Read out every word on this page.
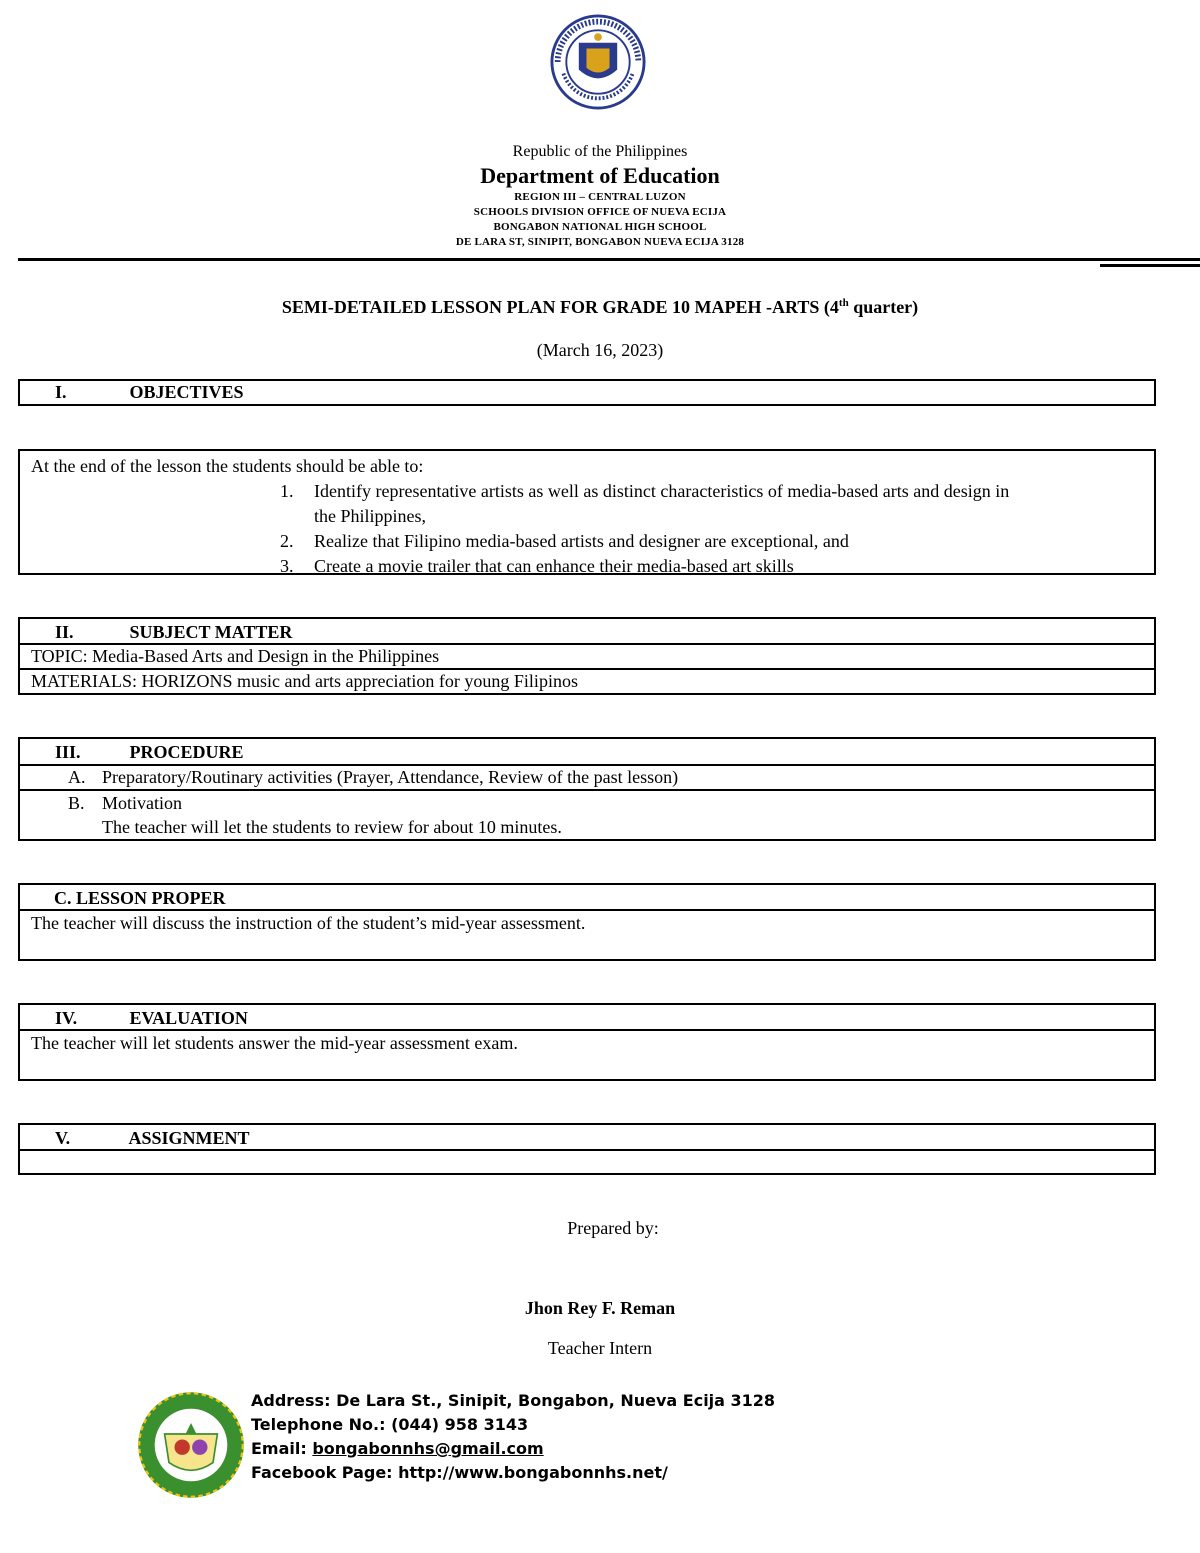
Republic of the Philippines
Department of Education
REGION III – CENTRAL LUZON
SCHOOLS DIVISION OFFICE OF NUEVA ECIJA
BONGABON NATIONAL HIGH SCHOOL
DE LARA ST, SINIPIT, BONGABON NUEVA ECIJA 3128
SEMI-DETAILED LESSON PLAN FOR GRADE 10 MAPEH -ARTS (4th quarter)
(March 16, 2023)
I.	OBJECTIVES
At the end of the lesson the students should be able to:
1. Identify representative artists as well as distinct characteristics of media-based arts and design in
the Philippines,
2. Realize that Filipino media-based artists and designer are exceptional, and
3. Create a movie trailer that can enhance their media-based art skills
II.	SUBJECT MATTER
TOPIC: Media-Based Arts and Design in the Philippines
MATERIALS: HORIZONS music and arts appreciation for young Filipinos
III.	PROCEDURE
A. Preparatory/Routinary activities (Prayer, Attendance, Review of the past lesson)
B. Motivation
The teacher will let the students to review for about 10 minutes.
C. LESSON PROPER
The teacher will discuss the instruction of the student’s mid-year assessment.
IV.	EVALUATION
The teacher will let students answer the mid-year assessment exam.
V.	ASSIGNMENT
Prepared by:
Jhon Rey F. Reman
Teacher Intern
Address: De Lara St., Sinipit, Bongabon, Nueva Ecija 3128
Telephone No.: (044) 958 3143
Email: bongabonnhs@gmail.com
Facebook Page: http://www.bongabonnhs.net/
